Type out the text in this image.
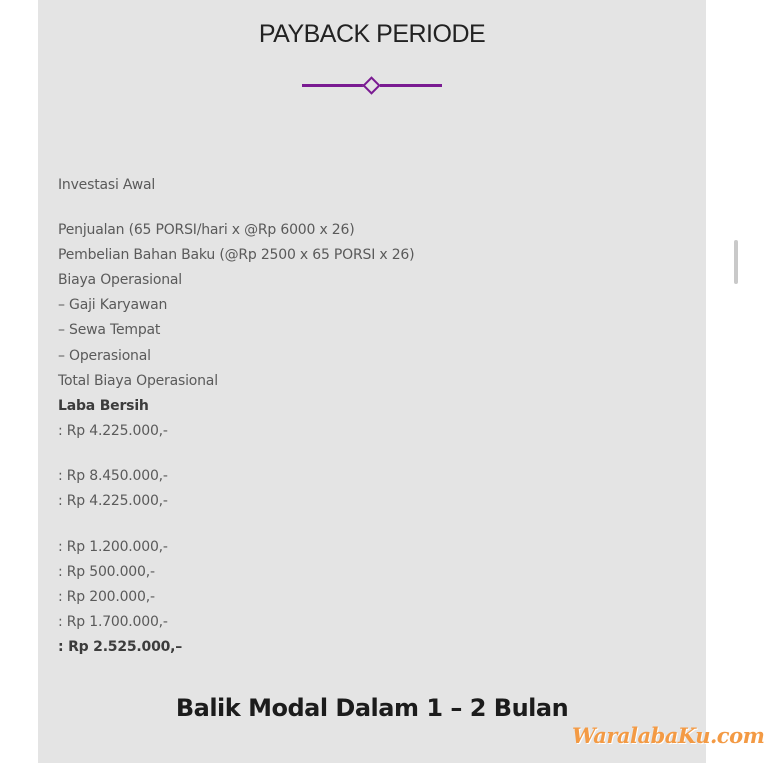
PAYBACK PERIODE
Investasi Awal
Penjualan (65 PORSI/hari x @Rp 6000 x 26)
Pembelian Bahan Baku (@Rp 2500 x 65 PORSI x 26)
Biaya Operasional
– Gaji Karyawan
– Sewa Tempat
– Operasional
Total Biaya Operasional
Laba Bersih
: Rp 4.225.000,-
: Rp 8.450.000,-
: Rp 4.225.000,-
: Rp 1.200.000,-
: Rp 500.000,-
: Rp 200.000,-
: Rp 1.700.000,-
: Rp 2.525.000,–
Balik Modal Dalam 1 – 2 Bulan
WaralabaKu.com
